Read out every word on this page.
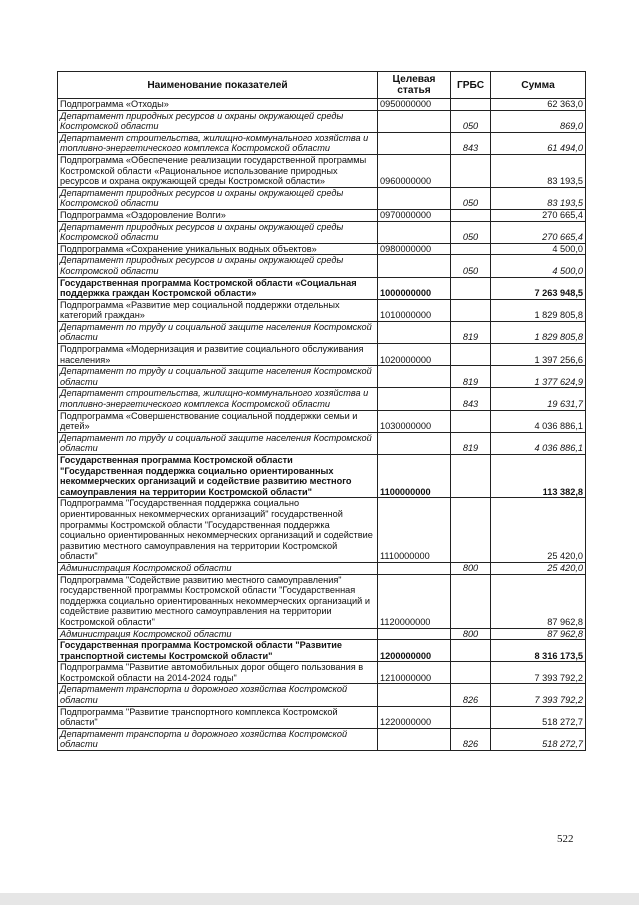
Наименование показателей	Целевая статья	ГРБС	Сумма
Подпрограмма «Отходы»	0950000000		62 363,0
Департамент природных ресурсов и охраны окружающей среды Костромской области		050	869,0
Департамент строительства, жилищно-коммунального хозяйства и топливно-энергетического комплекса Костромской области		843	61 494,0
Подпрограмма «Обеспечение реализации государственной программы Костромской области «Рациональное использование природных ресурсов и охрана окружающей среды Костромской области»	0960000000		83 193,5
Департамент природных ресурсов и охраны окружающей среды Костромской области		050	83 193,5
Подпрограмма «Оздоровление Волги»	0970000000		270 665,4
Департамент природных ресурсов и охраны окружающей среды Костромской области		050	270 665,4
Подпрограмма «Сохранение уникальных водных объектов»	0980000000		4 500,0
Департамент природных ресурсов и охраны окружающей среды Костромской области		050	4 500,0
Государственная программа Костромской области «Социальная поддержка граждан Костромской области»	1000000000		7 263 948,5
Подпрограмма «Развитие мер социальной поддержки отдельных категорий граждан»	1010000000		1 829 805,8
Департамент по труду и социальной защите населения Костромской области		819	1 829 805,8
Подпрограмма «Модернизация и развитие социального обслуживания населения»	1020000000		1 397 256,6
Департамент по труду и социальной защите населения Костромской области		819	1 377 624,9
Департамент строительства, жилищно-коммунального хозяйства и топливно-энергетического комплекса Костромской области		843	19 631,7
Подпрограмма «Совершенствование социальной поддержки семьи и детей»	1030000000		4 036 886,1
Департамент по труду и социальной защите населения Костромской области		819	4 036 886,1
Государственная программа Костромской области "Государственная поддержка социально ориентированных некоммерческих организаций и содействие развитию местного самоуправления на территории Костромской области"	1100000000		113 382,8
Подпрограмма "Государственная поддержка социально ориентированных некоммерческих организаций" государственной программы Костромской области "Государственная поддержка социально ориентированных некоммерческих организаций и содействие развитию местного самоуправления на территории Костромской области"	1110000000		25 420,0
Администрация Костромской области		800	25 420,0
Подпрограмма "Содействие развитию местного самоуправления" государственной программы Костромской области "Государственная поддержка социально ориентированных некоммерческих организаций и содействие развитию местного самоуправления на территории Костромской области"	1120000000		87 962,8
Администрация Костромской области		800	87 962,8
Государственная программа Костромской области "Развитие транспортной системы Костромской области"	1200000000		8 316 173,5
Подпрограмма "Развитие автомобильных дорог общего пользования в Костромской области на 2014-2024 годы"	1210000000		7 393 792,2
Департамент транспорта и дорожного хозяйства Костромской области		826	7 393 792,2
Подпрограмма "Развитие транспортного комплекса Костромской области"	1220000000		518 272,7
Департамент транспорта и дорожного хозяйства Костромской области		826	518 272,7
522
